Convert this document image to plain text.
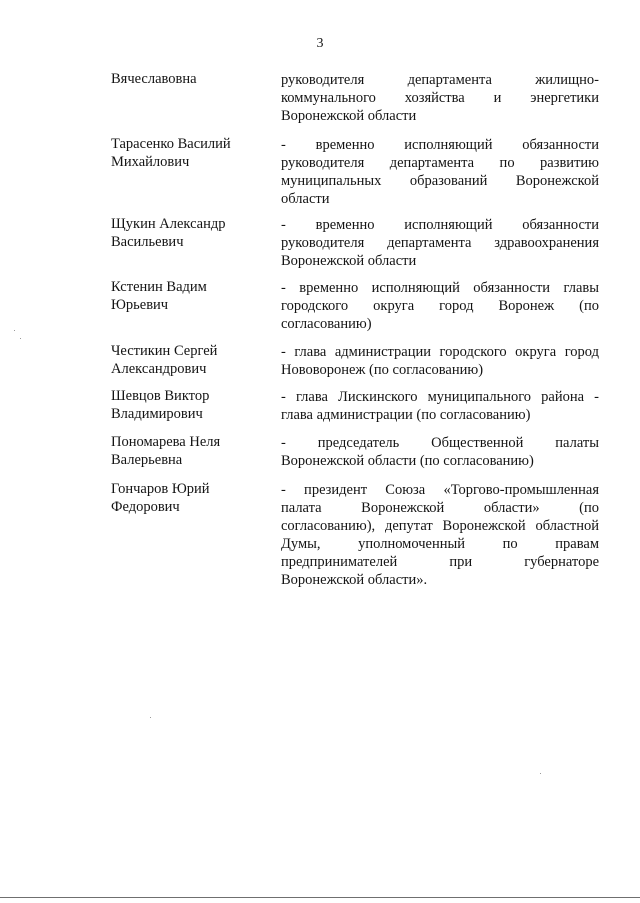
3
Вячеславовна	руководителя департамента жилищно-
коммунального хозяйства и энергетики
Воронежской области
Тарасенко Василий
Михайлович
- временно исполняющий обязанности
руководителя департамента по развитию
муниципальных образований Воронежской
области
Щукин Александр
Васильевич
- временно исполняющий обязанности
руководителя департамента здравоохранения
Воронежской области
Кстенин Вадим
Юрьевич
- временно исполняющий обязанности главы
городского округа город Воронеж (по
согласованию)
Честикин Сергей
Александрович
- глава администрации городского округа город
Нововоронеж (по согласованию)
Шевцов Виктор
Владимирович
- глава Лискинского муниципального района -
глава администрации (по согласованию)
Пономарева Неля
Валерьевна
- председатель Общественной палаты
Воронежской области (по согласованию)
Гончаров Юрий
Федорович
- президент Союза «Торгово-промышленная
палата Воронежской области» (по
согласованию), депутат Воронежской областной
Думы, уполномоченный по правам
предпринимателей при губернаторе
Воронежской области».
